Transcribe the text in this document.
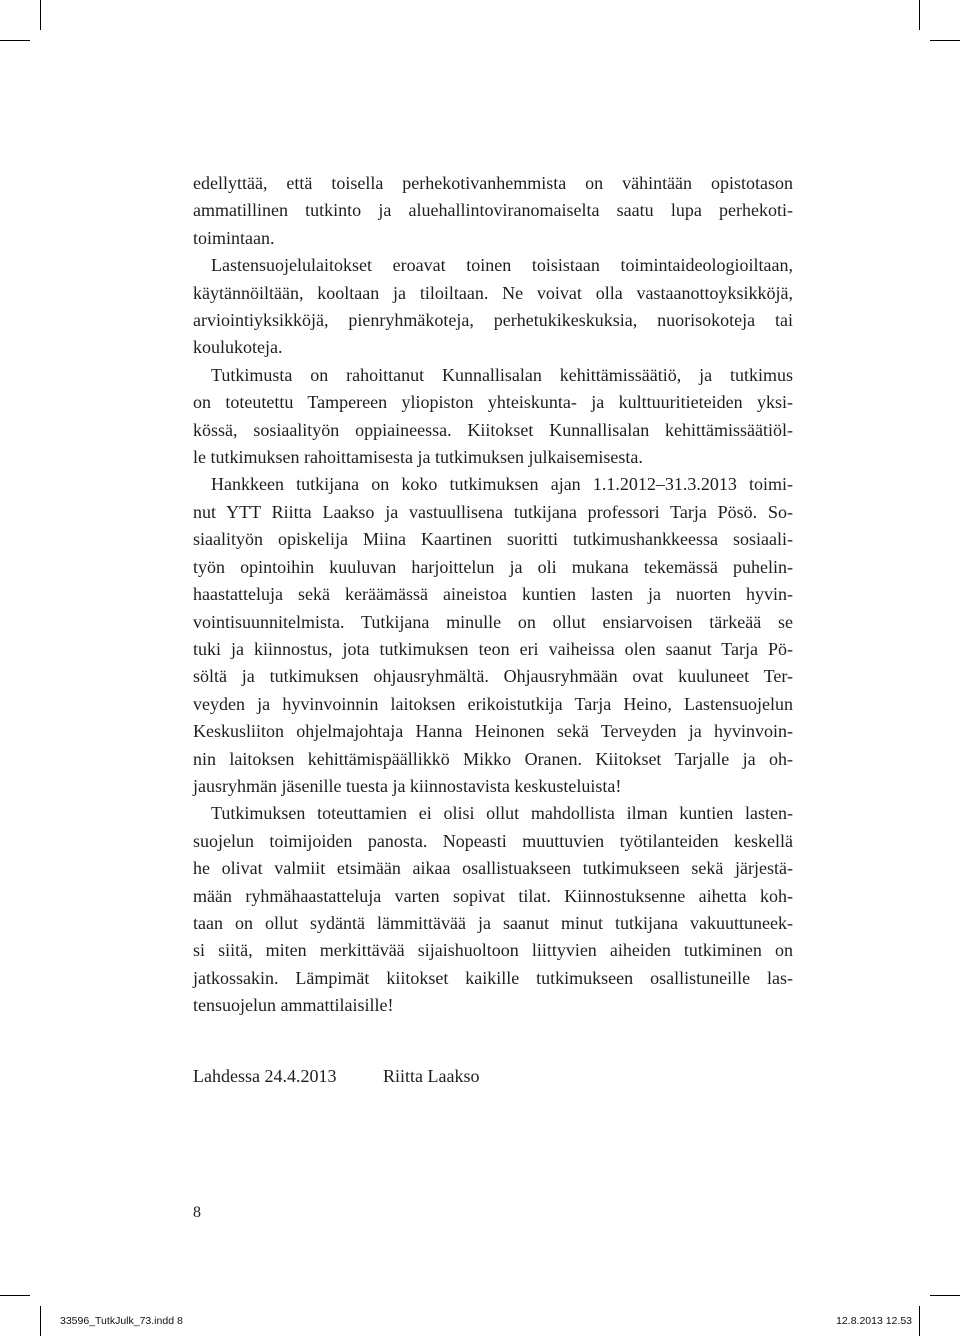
edellyttää, että toisella perhekotivanhemmista on vähintään opistotason
ammatillinen tutkinto ja aluehallintoviranomaiselta saatu lupa perhekoti-
toimintaan.

Lastensuojelulaitokset eroavat toinen toisistaan toimintaideologioiltaan,
käytännöiltään, kooltaan ja tiloiltaan. Ne voivat olla vastaanottoyksikköjä,
arviointiyksikköjä, pienryhmäkoteja, perhetukikeskuksia, nuorisokoteja tai
koulukoteja.

Tutkimusta on rahoittanut Kunnallisalan kehittämissäätiö, ja tutkimus
on toteutettu Tampereen yliopiston yhteiskunta- ja kulttuuritieteiden yksi-
kössä, sosiaalityön oppiaineessa. Kiitokset Kunnallisalan kehittämissäätiöl-
le tutkimuksen rahoittamisesta ja tutkimuksen julkaisemisesta.

Hankkeen tutkijana on koko tutkimuksen ajan 1.1.2012–31.3.2013 toimi-
nut YTT Riitta Laakso ja vastuullisena tutkijana professori Tarja Pösö. So-
siaalityön opiskelija Miina Kaartinen suoritti tutkimushankkeessa sosiaali-
työn opintoihin kuuluvan harjoittelun ja oli mukana tekemässä puhelin-
haastatteluja sekä keräämässä aineistoa kuntien lasten ja nuorten hyvin-
vointisuunnitelmista. Tutkijana minulle on ollut ensiarvoisen tärkeää se
tuki ja kiinnostus, jota tutkimuksen teon eri vaiheissa olen saanut Tarja Pö-
söltä ja tutkimuksen ohjausryhmältä. Ohjausryhmään ovat kuuluneet Ter-
veyden ja hyvinvoinnin laitoksen erikoistutkija Tarja Heino, Lastensuojelun
Keskusliiton ohjelmajohtaja Hanna Heinonen sekä Terveyden ja hyvinvoin-
nin laitoksen kehittämispäällikkö Mikko Oranen. Kiitokset Tarjalle ja oh-
jausryhmän jäsenille tuesta ja kiinnostavista keskusteluista!

Tutkimuksen toteuttamien ei olisi ollut mahdollista ilman kuntien lasten-
suojelun toimijoiden panosta. Nopeasti muuttuvien työtilanteiden keskellä
he olivat valmiit etsimään aikaa osallistuakseen tutkimukseen sekä järjestä-
mään ryhmähaastatteluja varten sopivat tilat. Kiinnostuksenne aihetta koh-
taan on ollut sydäntä lämmittävää ja saanut minut tutkijana vakuuttuneek-
si siitä, miten merkittävää sijaishuoltoon liittyvien aiheiden tutkiminen on
jatkossakin. Lämpimät kiitokset kaikille tutkimukseen osallistuneille las-
tensuojelun ammattilaisille!

Lahdessa 24.4.2013	Riitta Laakso
8
33596_TutkJulk_73.indd 8	12.8.2013 12.53
